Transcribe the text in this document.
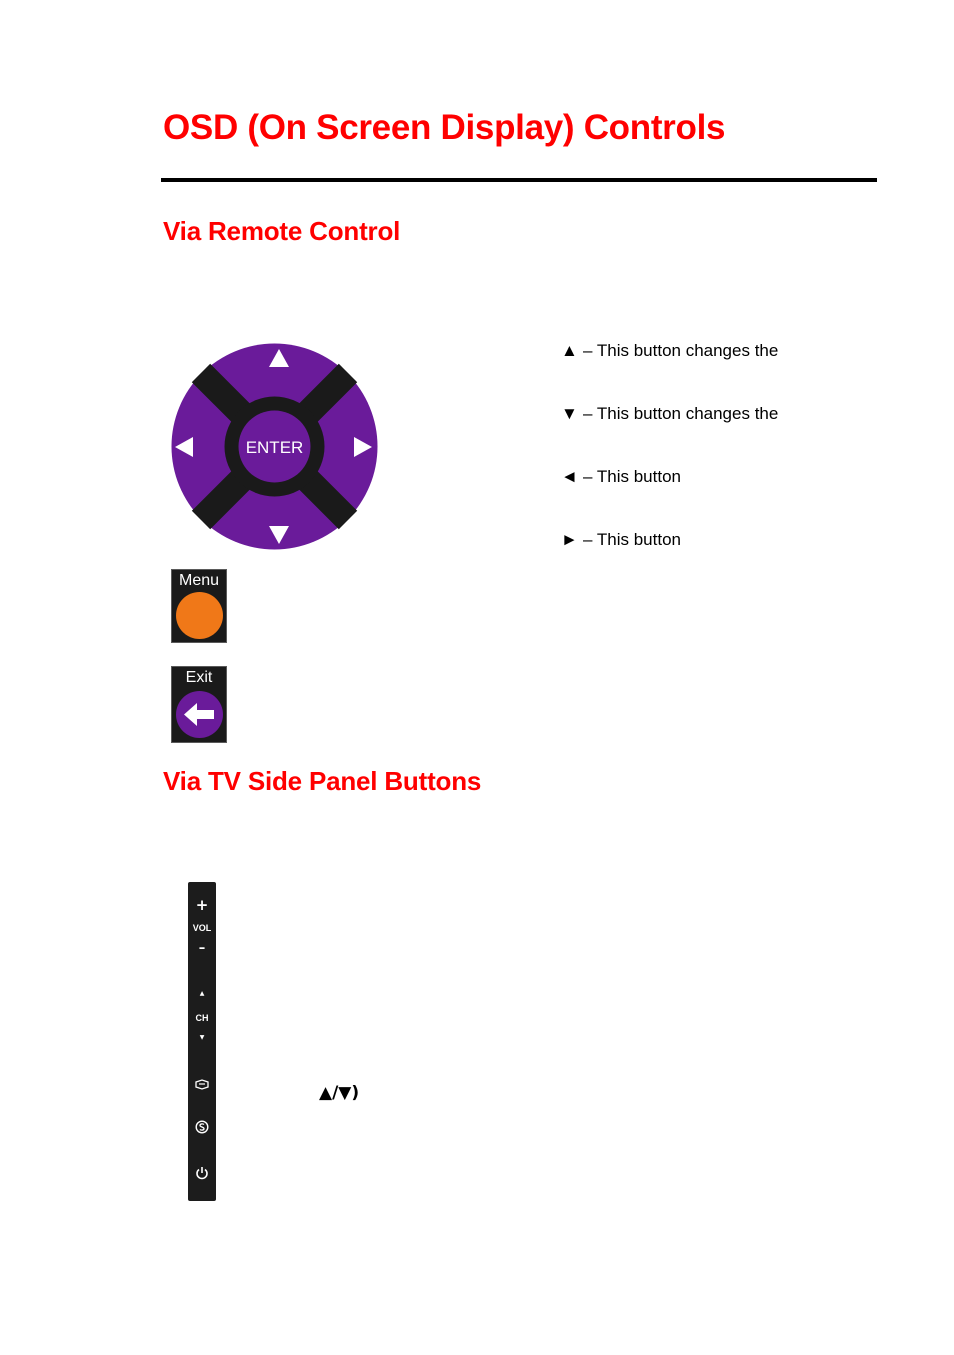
OSD (On Screen Display) Controls
Via Remote Control
ENTER
Menu
Exit
▲ – This button changes the
▼ – This button changes the
◄ – This button
► – This button
Via TV Side Panel Buttons
+
VOL
–
▲
CH
▼
▲/▼)
